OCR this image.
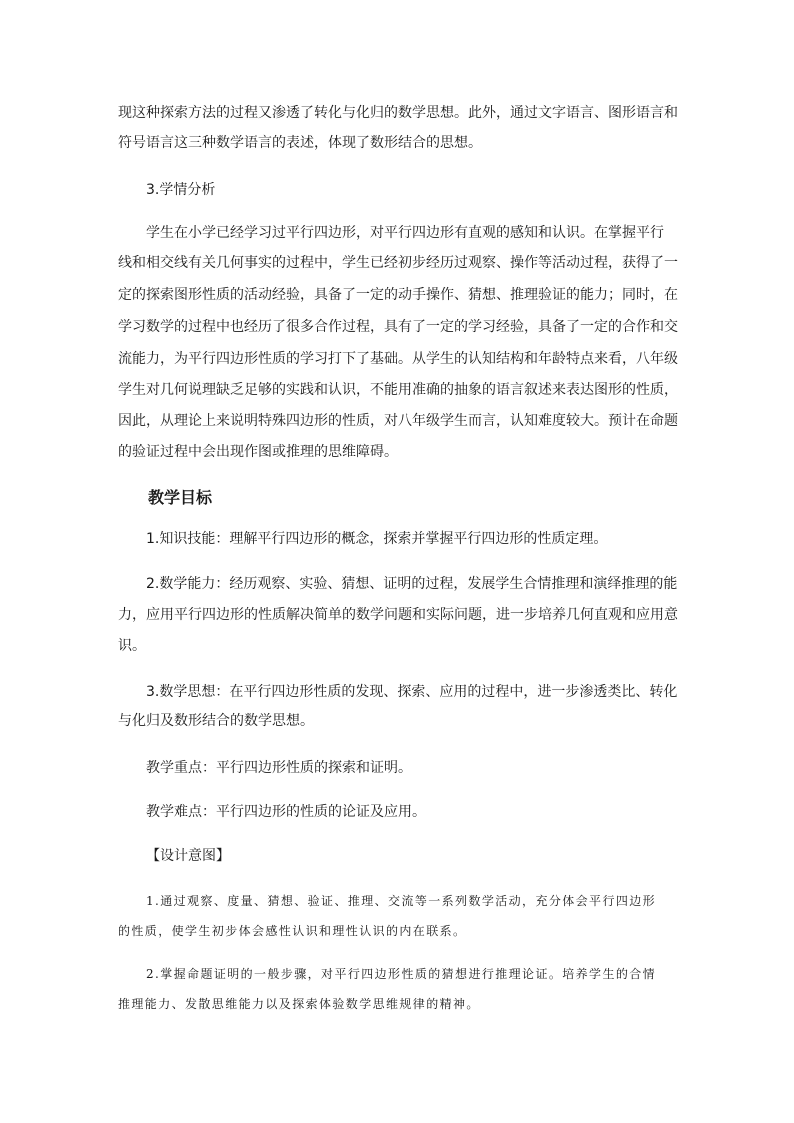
现这种探索方法的过程又渗透了转化与化归的数学思想。此外，通过文字语言、图形语言和
符号语言这三种数学语言的表述，体现了数形结合的思想。
3.学情分析
学生在小学已经学习过平行四边形，对平行四边形有直观的感知和认识。在掌握平行
线和相交线有关几何事实的过程中，学生已经初步经历过观察、操作等活动过程，获得了一
定的探索图形性质的活动经验，具备了一定的动手操作、猜想、推理验证的能力；同时，在
学习数学的过程中也经历了很多合作过程，具有了一定的学习经验，具备了一定的合作和交
流能力，为平行四边形性质的学习打下了基础。从学生的认知结构和年龄特点来看，八年级
学生对几何说理缺乏足够的实践和认识，不能用准确的抽象的语言叙述来表达图形的性质，
因此，从理论上来说明特殊四边形的性质，对八年级学生而言，认知难度较大。预计在命题
的验证过程中会出现作图或推理的思维障碍。
教学目标
1.知识技能：理解平行四边形的概念，探索并掌握平行四边形的性质定理。
2.数学能力：经历观察、实验、猜想、证明的过程，发展学生合情推理和演绎推理的能
力，应用平行四边形的性质解决简单的数学问题和实际问题，进一步培养几何直观和应用意
识。
3.数学思想：在平行四边形性质的发现、探索、应用的过程中，进一步渗透类比、转化
与化归及数形结合的数学思想。
教学重点：平行四边形性质的探索和证明。
教学难点：平行四边形的性质的论证及应用。
【设计意图】
1.通过观察、度量、猜想、验证、推理、交流等一系列数学活动，充分体会平行四边形
的性质，使学生初步体会感性认识和理性认识的内在联系。
2.掌握命题证明的一般步骤，对平行四边形性质的猜想进行推理论证。培养学生的合情
推理能力、发散思维能力以及探索体验数学思维规律的精神。
